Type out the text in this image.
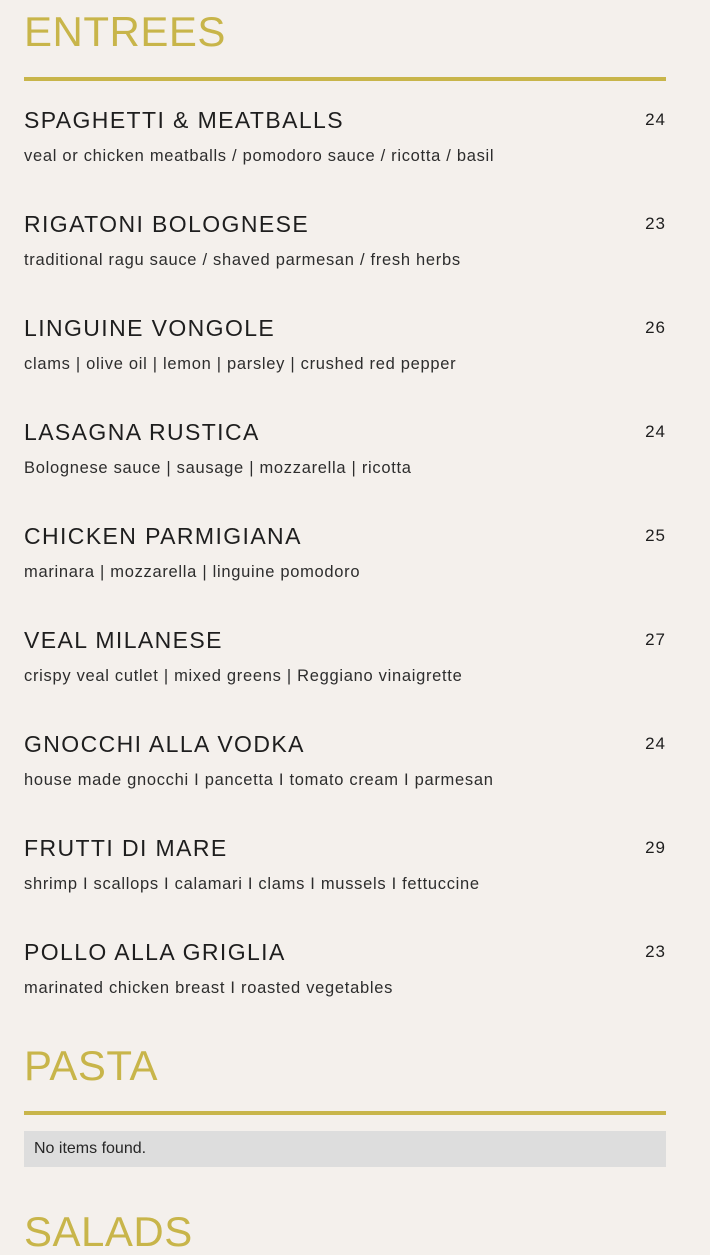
ENTREES
SPAGHETTI & MEATBALLS	24
veal or chicken meatballs / pomodoro sauce / ricotta / basil
RIGATONI BOLOGNESE	23
traditional ragu sauce / shaved parmesan / fresh herbs
LINGUINE VONGOLE	26
clams | olive oil | lemon | parsley | crushed red pepper
LASAGNA RUSTICA	24
Bolognese sauce | sausage | mozzarella | ricotta
CHICKEN PARMIGIANA	25
marinara | mozzarella | linguine pomodoro
VEAL MILANESE	27
crispy veal cutlet | mixed greens | Reggiano vinaigrette
GNOCCHI ALLA VODKA	24
house made gnocchi I pancetta I tomato cream I parmesan
FRUTTI DI MARE	29
shrimp I scallops I calamari I clams I mussels I fettuccine
POLLO ALLA GRIGLIA	23
marinated chicken breast I roasted vegetables
PASTA
No items found.
SALADS
